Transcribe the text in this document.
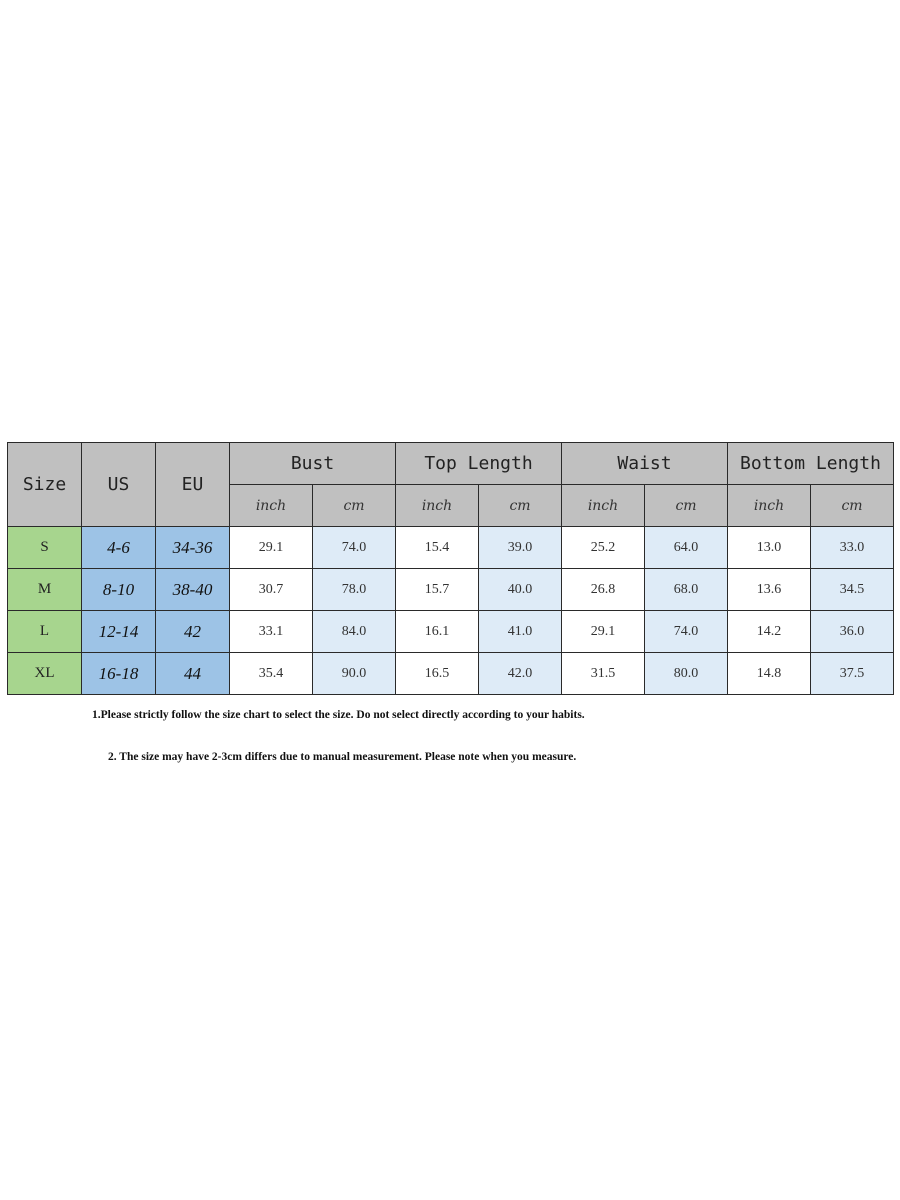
Size	US	EU	Bust		Top Length		Waist		Bottom Length	
			inch	cm	inch	cm	inch	cm	inch	cm
S	4-6	34-36	29.1	74.0	15.4	39.0	25.2	64.0	13.0	33.0
M	8-10	38-40	30.7	78.0	15.7	40.0	26.8	68.0	13.6	34.5
L	12-14	42	33.1	84.0	16.1	41.0	29.1	74.0	14.2	36.0
XL	16-18	44	35.4	90.0	16.5	42.0	31.5	80.0	14.8	37.5
1.Please strictly follow the size chart to select the size. Do not select directly according to your habits.
2. The size may have 2-3cm differs due to manual measurement. Please note when you measure.
